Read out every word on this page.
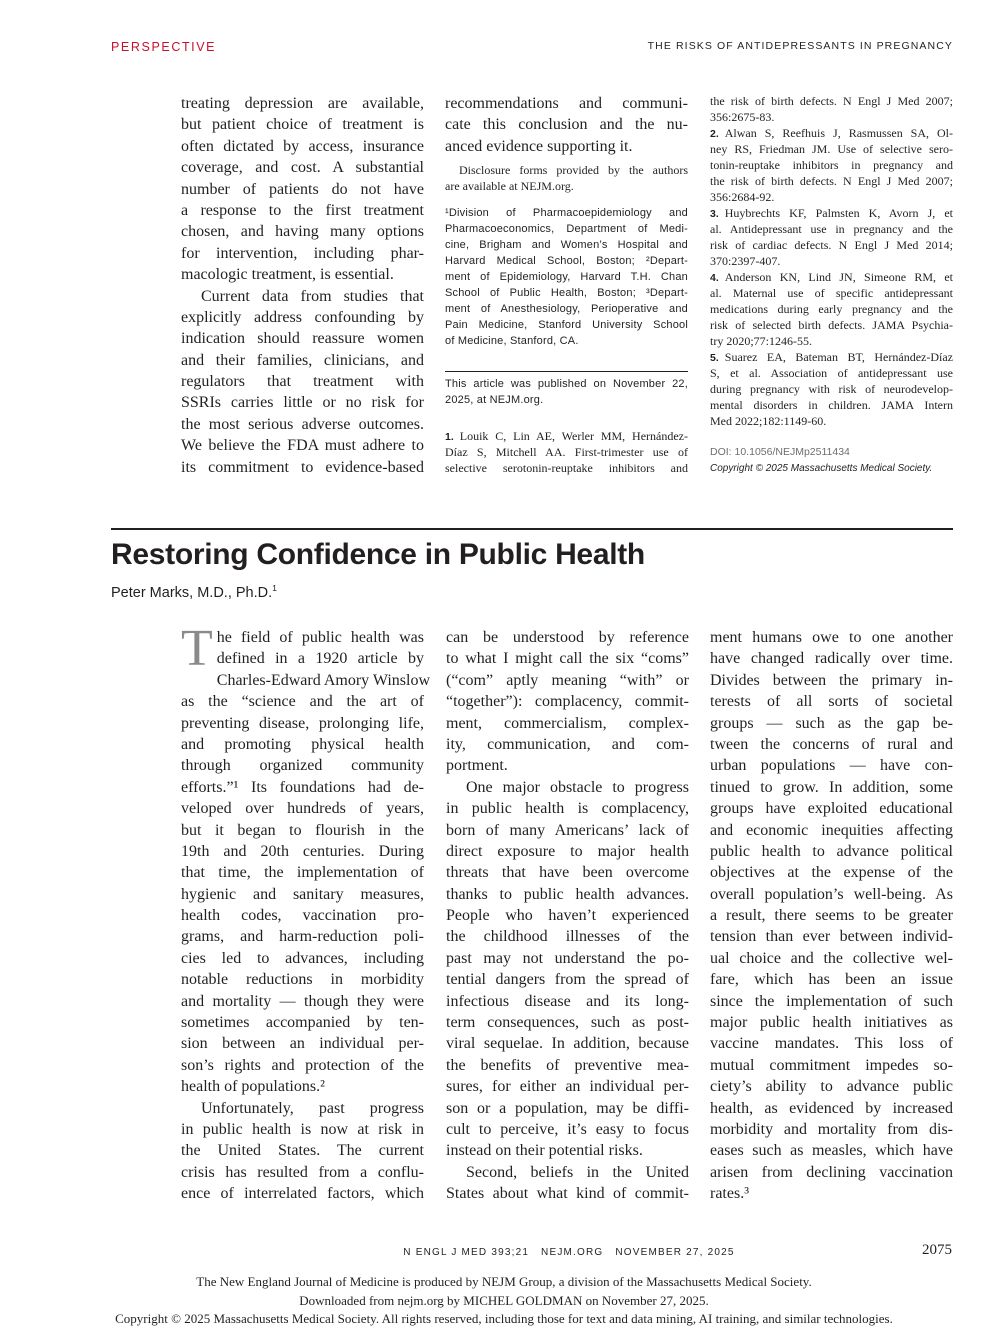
PERSPECTIVE	THE RISKS OF ANTIDEPRESSANTS IN PREGNANCY
treating depression are available,
but patient choice of treatment is
often dictated by access, insurance
coverage, and cost. A substantial
number of patients do not have
a response to the first treatment
chosen, and having many options
for intervention, including phar-
macologic treatment, is essential.
Current data from studies that
explicitly address confounding by
indication should reassure women
and their families, clinicians, and
regulators that treatment with
SSRIs carries little or no risk for
the most serious adverse outcomes.
We believe the FDA must adhere to
its commitment to evidence-based
recommendations and communi-
cate this conclusion and the nu-
anced evidence supporting it.
Disclosure forms provided by the authors
are available at NEJM.org.
¹Division of Pharmacoepidemiology and
Pharmacoeconomics, Department of Medi-
cine, Brigham and Women’s Hospital and
Harvard Medical School, Boston; ²Depart-
ment of Epidemiology, Harvard T.H. Chan
School of Public Health, Boston; ³Depart-
ment of Anesthesiology, Perioperative and
Pain Medicine, Stanford University School
of Medicine, Stanford, CA.
This article was published on November 22,
2025, at NEJM.org.
1. Louik C, Lin AE, Werler MM, Hernández-
Díaz S, Mitchell AA. First-trimester use of
selective serotonin-reuptake inhibitors and
the risk of birth defects. N Engl J Med 2007;
356:2675-83.
2. Alwan S, Reefhuis J, Rasmussen SA, Ol-
ney RS, Friedman JM. Use of selective sero-
tonin-reuptake inhibitors in pregnancy and
the risk of birth defects. N Engl J Med 2007;
356:2684-92.
3. Huybrechts KF, Palmsten K, Avorn J, et
al. Antidepressant use in pregnancy and the
risk of cardiac defects. N Engl J Med 2014;
370:2397-407.
4. Anderson KN, Lind JN, Simeone RM, et
al. Maternal use of specific antidepressant
medications during early pregnancy and the
risk of selected birth defects. JAMA Psychia-
try 2020;77:1246-55.
5. Suarez EA, Bateman BT, Hernández-Díaz
S, et al. Association of antidepressant use
during pregnancy with risk of neurodevelop-
mental disorders in children. JAMA Intern
Med 2022;182:1149-60.
DOI: 10.1056/NEJMp2511434
Copyright © 2025 Massachusetts Medical Society.
Restoring Confidence in Public Health
Peter Marks, M.D., Ph.D.$^1$
T he field of public health was
defined in a 1920 article by
Charles-Edward Amory Winslow
as the “science and the art of
preventing disease, prolonging life,
and promoting physical health
through organized community
efforts.”¹ Its foundations had de-
veloped over hundreds of years,
but it began to flourish in the
19th and 20th centuries. During
that time, the implementation of
hygienic and sanitary measures,
health codes, vaccination pro-
grams, and harm-reduction poli-
cies led to advances, including
notable reductions in morbidity
and mortality — though they were
sometimes accompanied by ten-
sion between an individual per-
son’s rights and protection of the
health of populations.²
Unfortunately, past progress
in public health is now at risk in
the United States. The current
crisis has resulted from a conflu-
ence of interrelated factors, which
can be understood by reference
to what I might call the six “coms”
(“com” aptly meaning “with” or
“together”): complacency, commit-
ment, commercialism, complex-
ity, communication, and com-
portment.
One major obstacle to progress
in public health is complacency,
born of many Americans’ lack of
direct exposure to major health
threats that have been overcome
thanks to public health advances.
People who haven’t experienced
the childhood illnesses of the
past may not understand the po-
tential dangers from the spread of
infectious disease and its long-
term consequences, such as post-
viral sequelae. In addition, because
the benefits of preventive mea-
sures, for either an individual per-
son or a population, may be diffi-
cult to perceive, it’s easy to focus
instead on their potential risks.
Second, beliefs in the United
States about what kind of commit-
ment humans owe to one another
have changed radically over time.
Divides between the primary in-
terests of all sorts of societal
groups — such as the gap be-
tween the concerns of rural and
urban populations — have con-
tinued to grow. In addition, some
groups have exploited educational
and economic inequities affecting
public health to advance political
objectives at the expense of the
overall population’s well-being. As
a result, there seems to be greater
tension than ever between individ-
ual choice and the collective wel-
fare, which has been an issue
since the implementation of such
major public health initiatives as
vaccine mandates. This loss of
mutual commitment impedes so-
ciety’s ability to advance public
health, as evidenced by increased
morbidity and mortality from dis-
eases such as measles, which have
arisen from declining vaccination
rates.³
N ENGL J MED 393;21   NEJM.ORG   NOVEMBER 27, 2025	2075
The New England Journal of Medicine is produced by NEJM Group, a division of the Massachusetts Medical Society.
Downloaded from nejm.org by MICHEL GOLDMAN on November 27, 2025.
Copyright © 2025 Massachusetts Medical Society. All rights reserved, including those for text and data mining, AI training, and similar technologies.
